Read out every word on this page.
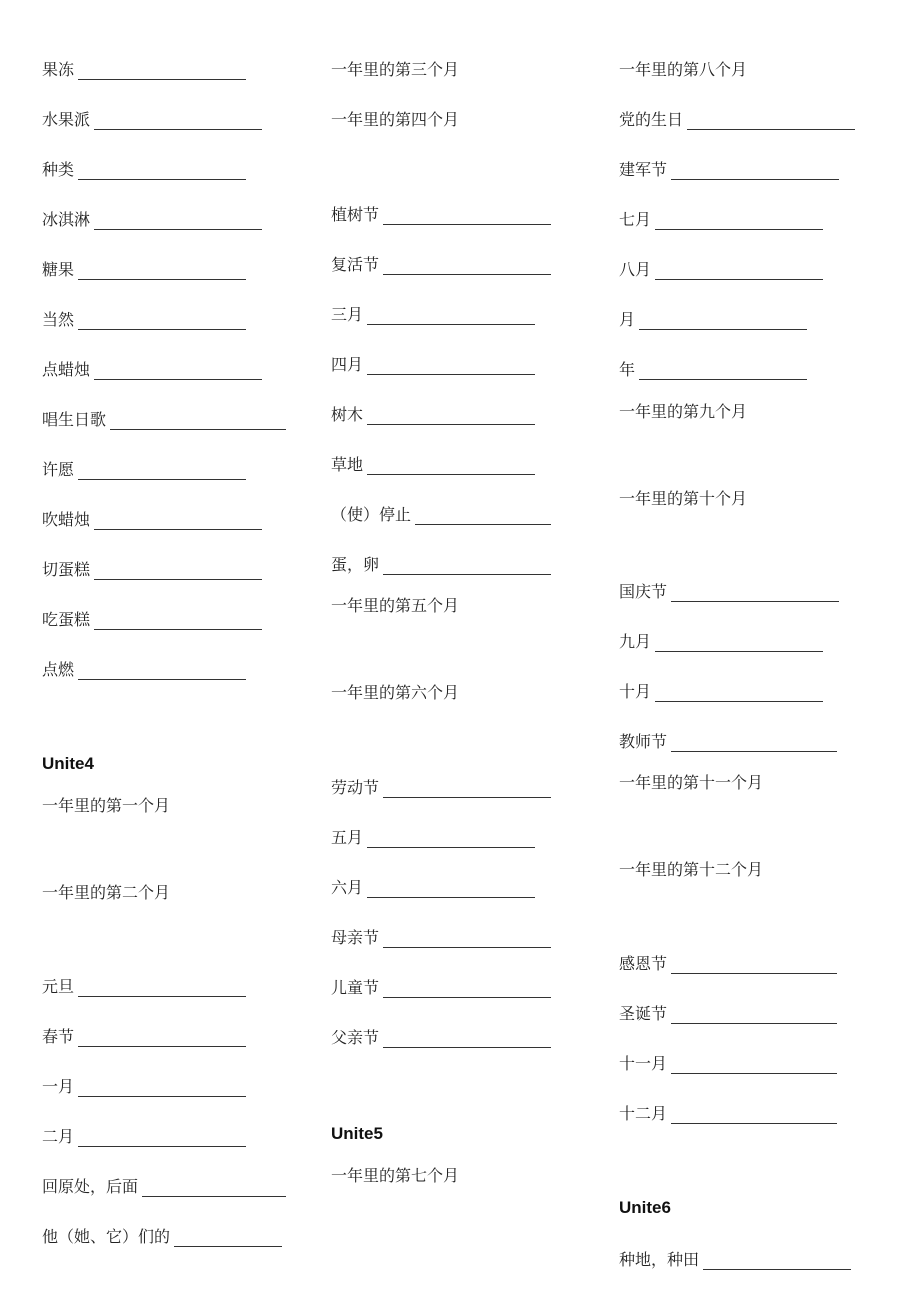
果冻
水果派
种类
冰淇淋
糖果
当然
点蜡烛
唱生日歌
许愿
吹蜡烛
切蛋糕
吃蛋糕
点燃
Unite4
一年里的第一个月
一年里的第二个月
元旦
春节
一月
二月
回原处，后面
他（她、它）们的
一年里的第三个月
一年里的第四个月
植树节
复活节
三月
四月
树木
草地
（使）停止
蛋，卵
一年里的第五个月
一年里的第六个月
劳动节
五月
六月
母亲节
儿童节
父亲节
Unite5
一年里的第七个月
一年里的第八个月
党的生日
建军节
七月
八月
月
年
一年里的第九个月
一年里的第十个月
国庆节
九月
十月
教师节
一年里的第十一个月
一年里的第十二个月
感恩节
圣诞节
十一月
十二月
Unite6
种地，种田
